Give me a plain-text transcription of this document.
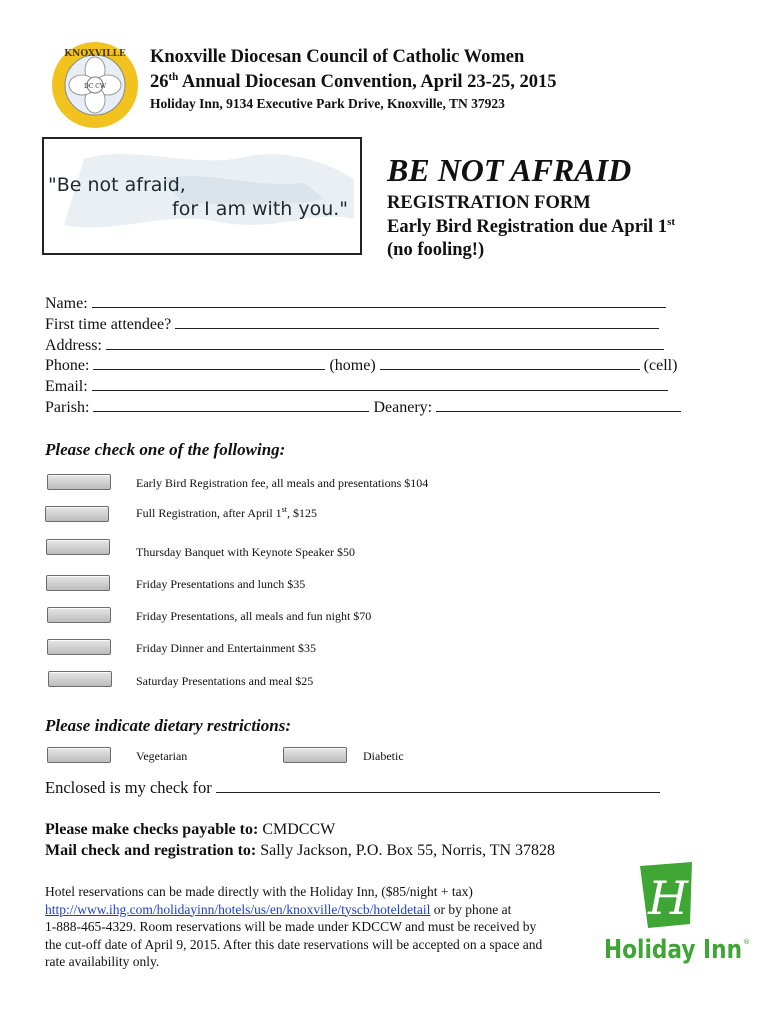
KNOXVILLE
DC CW
Knoxville Diocesan Council of Catholic Women
26th Annual Diocesan Convention, April 23-25, 2015
Holiday Inn, 9134 Executive Park Drive, Knoxville, TN 37923
"Be not afraid,
for I am with you."
BE NOT AFRAID
REGISTRATION FORM
Early Bird Registration due April 1st
(no fooling!)
Name:
First time attendee?
Address:
Phone:	(home)	(cell)
Email:
Parish:	Deanery:
Please check one of the following:
Early Bird Registration fee, all meals and presentations $104
Full Registration, after April 1st, $125
Thursday Banquet with Keynote Speaker $50
Friday Presentations and lunch $35
Friday Presentations, all meals and fun night $70
Friday Dinner and Entertainment $35
Saturday Presentations and meal $25
Please indicate dietary restrictions:
Vegetarian	Diabetic
Enclosed is my check for
Please make checks payable to: CMDCCW
Mail check and registration to: Sally Jackson, P.O. Box 55, Norris, TN 37828
Hotel reservations can be made directly with the Holiday Inn, ($85/night + tax)
http://www.ihg.com/holidayinn/hotels/us/en/knoxville/tyscb/hoteldetail or by phone at
1-888-465-4329. Room reservations will be made under KDCCW and must be received by
the cut-off date of April 9, 2015. After this date reservations will be accepted on a space and
rate availability only.
H
Holiday Inn ®
